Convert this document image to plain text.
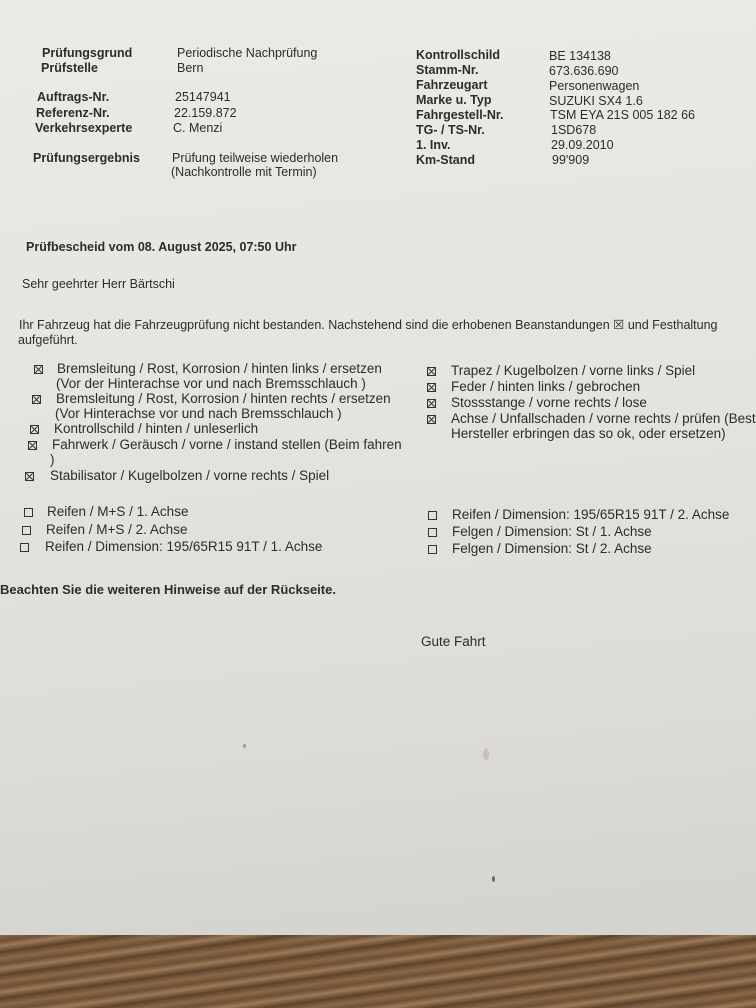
Prüfungsgrund	Periodische Nachprüfung
Prüfstelle	Bern
Auftrags-Nr.	25147941
Referenz-Nr.	22.159.872
Verkehrsexperte	C. Menzi
Prüfungsergebnis	Prüfung teilweise wiederholen
(Nachkontrolle mit Termin)
Kontrollschild	BE 134138
Stamm-Nr.	673.636.690
Fahrzeugart	Personenwagen
Marke u. Typ	SUZUKI SX4 1.6
Fahrgestell-Nr.	TSM EYA 21S 005 182 66
TG- / TS-Nr.	1SD678
1. Inv.	29.09.2010
Km-Stand	99'909
Prüfbescheid vom 08. August 2025, 07:50 Uhr
Sehr geehrter Herr Bärtschi
Ihr Fahrzeug hat die Fahrzeugprüfung nicht bestanden. Nachstehend sind die erhobenen Beanstandungen ☒ und Festhaltung
aufgeführt.
Bremsleitung / Rost, Korrosion / hinten links / ersetzen
(Vor der Hinterachse vor und nach Bremsschlauch )
Bremsleitung / Rost, Korrosion / hinten rechts / ersetzen
(Vor Hinterachse vor und nach Bremsschlauch )
Kontrollschild / hinten / unleserlich
Fahrwerk / Geräusch / vorne / instand stellen (Beim fahren
)
Stabilisator / Kugelbolzen / vorne rechts / Spiel
Trapez / Kugelbolzen / vorne links / Spiel
Feder / hinten links / gebrochen
Stossstange / vorne rechts / lose
Achse / Unfallschaden / vorne rechts / prüfen (Best
Hersteller erbringen das so ok, oder ersetzen)
Reifen / M+S / 1. Achse
Reifen / M+S / 2. Achse
Reifen / Dimension: 195/65R15 91T / 1. Achse
Reifen / Dimension: 195/65R15 91T / 2. Achse
Felgen / Dimension: St / 1. Achse
Felgen / Dimension: St / 2. Achse
Beachten Sie die weiteren Hinweise auf der Rückseite.
Gute Fahrt
